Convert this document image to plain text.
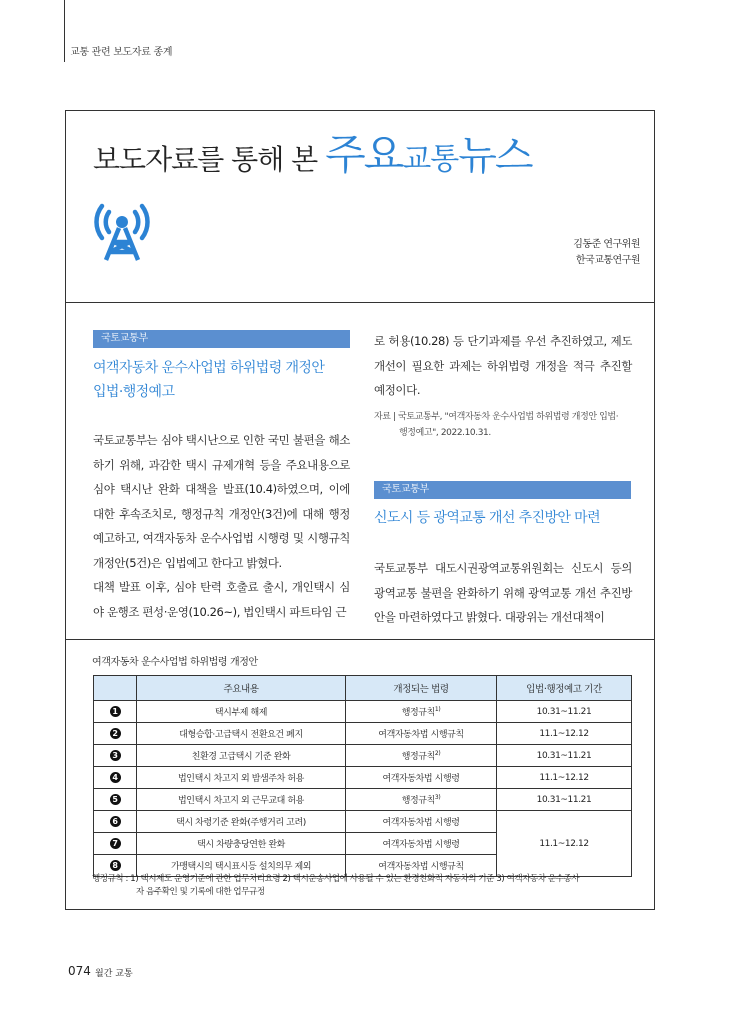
교통 관련 보도자료 종계
보도자료를 통해 본 주요교통뉴스
김동준 연구위원
한국교통연구원
국토교통부
여객자동차 운수사업법 하위법령 개정안
입법·행정예고

국토교통부는 심야 택시난으로 인한 국민 불편을 해소하기 위해, 과감한 택시 규제개혁 등을 주요내용으로 심야 택시난 완화 대책을 발표(10.4)하였으며, 이에 대한 후속조치로, 행정규칙 개정안(3건)에 대해 행정예고하고, 여객자동차 운수사업법 시행령 및 시행규칙 개정안(5건)은 입법예고 한다고 밝혔다.

대책 발표 이후, 심야 탄력 호출료 출시, 개인택시 심야 운행조 편성·운영(10.26~), 법인택시 파트타임 근

로 허용(10.28) 등 단기과제를 우선 추진하였고, 제도 개선이 필요한 과제는 하위법령 개정을 적극 추진할 예정이다.

자료 | 국토교통부, "여객자동차 운수사업법 하위법령 개정안 입법·
행정예고", 2022.10.31.
국토교통부
신도시 등 광역교통 개선 추진방안 마련

국토교통부 대도시권광역교통위원회는 신도시 등의 광역교통 불편을 완화하기 위해 광역교통 개선 추진방안을 마련하였다고 밝혔다. 대광위는 개선대책이

여객자동차 운수사업법 하위법령 개정안
	주요내용	개정되는 법령	입법·행정예고 기간
1	택시부제 해제	행정규칙$^{1)}$	10.31~11.21
2	대형승합·고급택시 전환요건 폐지	여객자동차법 시행규칙	11.1~12.12
3	친환경 고급택시 기준 완화	행정규칙$^{2)}$	10.31~11.21
4	법인택시 차고지 외 밤샘주차 허용	여객자동차법 시행령	11.1~12.12
5	법인택시 차고지 외 근무교대 허용	행정규칙$^{3)}$	10.31~11.21
6	택시 차령기준 완화(주행거리 고려)	여객자동차법 시행령	11.1~12.12
7	택시 차량충당연한 완화	여객자동차법 시행령	
8	가맹택시의 택시표시등 설치의무 제외	여객자동차법 시행규칙	
행정규칙 : 1) 택시제도 운영기준에 관한 업무처리요령 2) 택시운송사업에 사용될 수 있는 환경친화적 자동차의 기준 3) 여객자동차 운수종사
자 음주확인 및 기록에 대한 업무규정
074 월간 교통
